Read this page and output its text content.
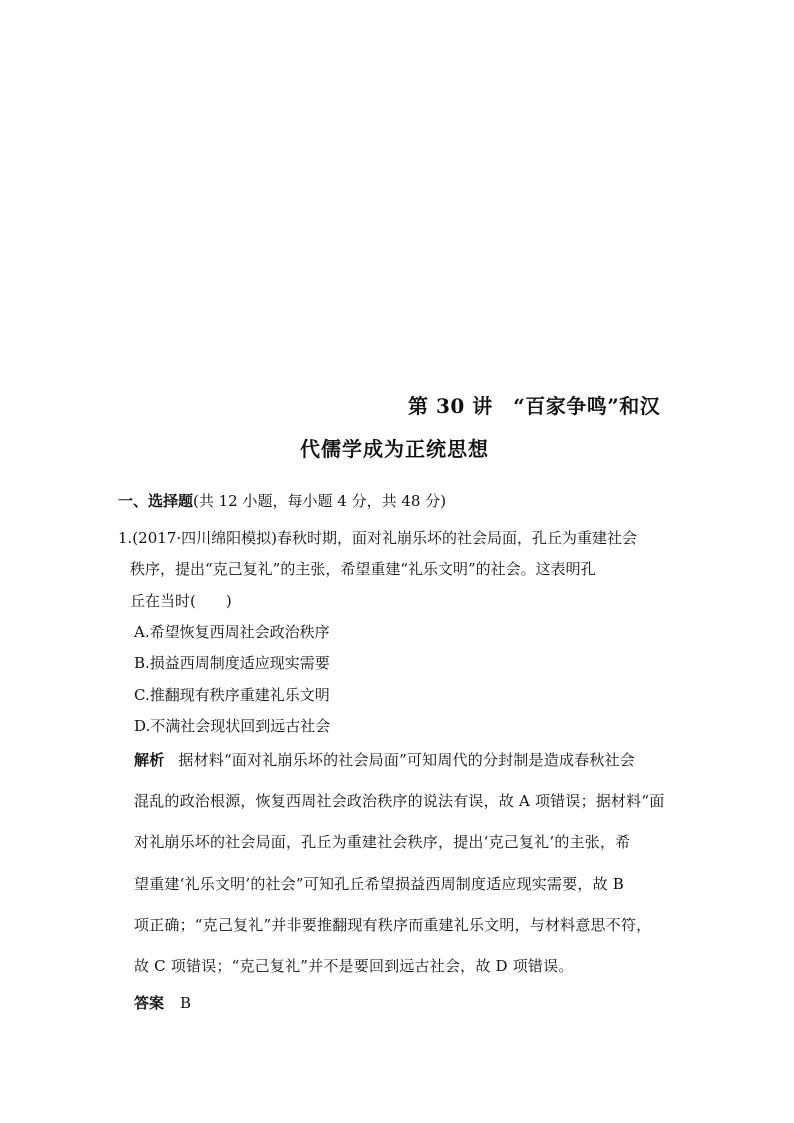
第 30 讲　“百家争鸣”和汉
代儒学成为正统思想
一、选择题(共 12 小题，每小题 4 分，共 48 分)
1.(2017·四川绵阳模拟)春秋时期，面对礼崩乐坏的社会局面，孔丘为重建社会
秩序，提出“克己复礼”的主张，希望重建“礼乐文明”的社会。这表明孔
丘在当时(　　)
A.希望恢复西周社会政治秩序
B.损益西周制度适应现实需要
C.推翻现有秩序重建礼乐文明
D.不满社会现状回到远古社会
解析 据材料“面对礼崩乐坏的社会局面”可知周代的分封制是造成春秋社会
混乱的政治根源，恢复西周社会政治秩序的说法有误，故 A 项错误；据材料“面
对礼崩乐坏的社会局面，孔丘为重建社会秩序，提出‘克己复礼’的主张，希
望重建‘礼乐文明’的社会”可知孔丘希望损益西周制度适应现实需要，故 B
项正确；“克己复礼”并非要推翻现有秩序而重建礼乐文明，与材料意思不符，
故 C 项错误；“克己复礼”并不是要回到远古社会，故 D 项错误。
答案 B
